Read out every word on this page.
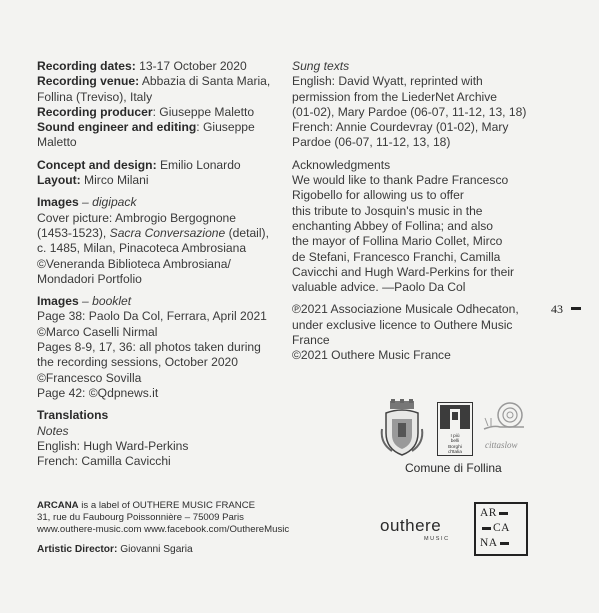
Recording dates: 13-17 October 2020
Recording venue: Abbazia di Santa Maria,
Follina (Treviso), Italy
Recording producer: Giuseppe Maletto
Sound engineer and editing: Giuseppe
Maletto
Concept and design: Emilio Lonardo
Layout: Mirco Milani
Images – digipack
Cover picture: Ambrogio Bergognone
(1453-1523), Sacra Conversazione (detail),
c. 1485, Milan, Pinacoteca Ambrosiana
©Veneranda Biblioteca Ambrosiana/
Mondadori Portfolio
Images – booklet
Page 38: Paolo Da Col, Ferrara, April 2021
©Marco Caselli Nirmal
Pages 8-9, 17, 36: all photos taken during
the recording sessions, October 2020
©Francesco Sovilla
Page 42: ©Qdpnews.it
Translations
Notes
English: Hugh Ward-Perkins
French: Camilla Cavicchi
Sung texts
English: David Wyatt, reprinted with
permission from the LiederNet Archive
(01-02), Mary Pardoe (06-07, 11-12, 13, 18)
French: Annie Courdevray (01-02), Mary
Pardoe (06-07, 11-12, 13, 18)
Acknowledgments
We would like to thank Padre Francesco
Rigobello for allowing us to offer
this tribute to Josquin's music in the
enchanting Abbey of Follina; and also
the mayor of Follina Mario Collet, Mirco
de Stefani, Francesco Franchi, Camilla
Cavicchi and Hugh Ward-Perkins for their
valuable advice. —Paolo Da Col
℗2021 Associazione Musicale Odhecaton,
under exclusive licence to Outhere Music
France
©2021 Outhere Music France
43
I più
belli
Borghi
d'Italia
cittaslow
Comune di Follina
ARCANA is a label of OUTHERE MUSIC FRANCE
31, rue du Faubourg Poissonnière – 75009 Paris
www.outhere-music.com www.facebook.com/OuthereMusic
Artistic Director: Giovanni Sgaria
outhere
MUSIC
AR
CA
NA
